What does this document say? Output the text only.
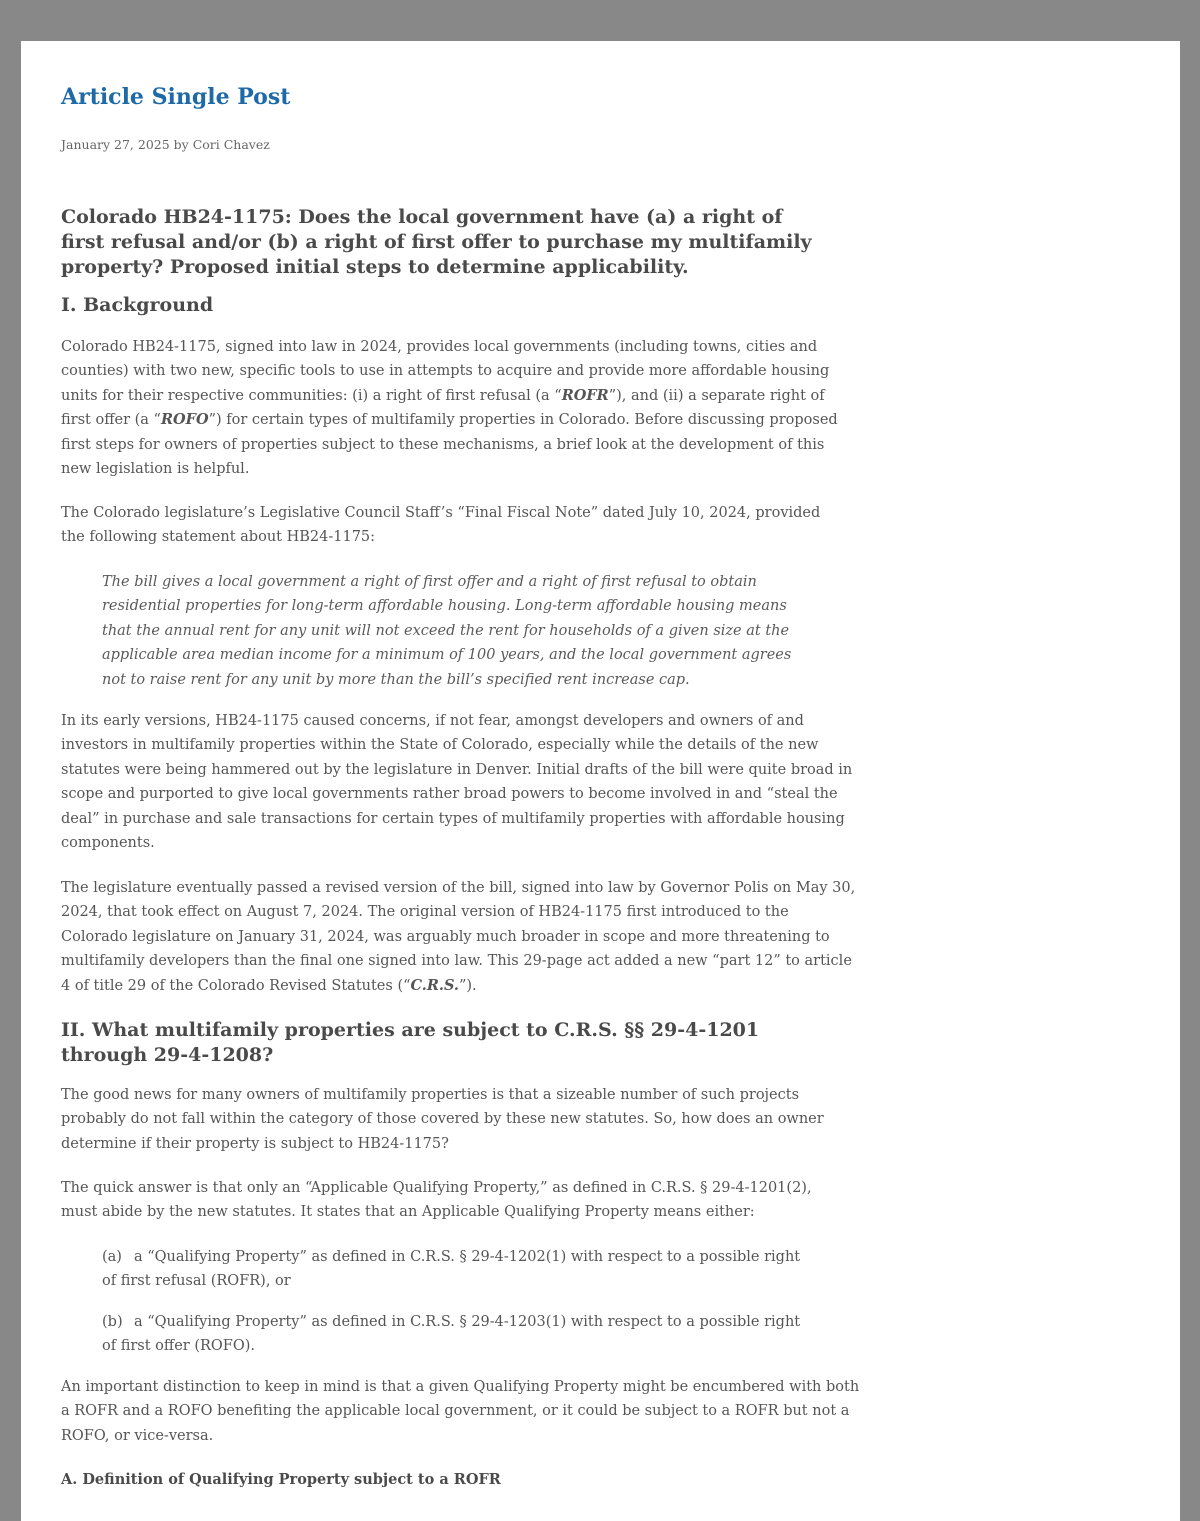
Article Single Post
January 27, 2025 by Cori Chavez
Colorado HB24-1175: Does the local government have (a) a right of first refusal and/or (b) a right of first offer to purchase my multifamily property? Proposed initial steps to determine applicability.
I. Background

Colorado HB24-1175, signed into law in 2024, provides local governments (including towns, cities and counties) with two new, specific tools to use in attempts to acquire and provide more affordable housing units for their respective communities: (i) a right of first refusal (a “ROFR”), and (ii) a separate right of first offer (a “ROFO”) for certain types of multifamily properties in Colorado. Before discussing proposed first steps for owners of properties subject to these mechanisms, a brief look at the development of this new legislation is helpful.

The Colorado legislature’s Legislative Council Staff’s “Final Fiscal Note” dated July 10, 2024, provided the following statement about HB24-1175:

The bill gives a local government a right of first offer and a right of first refusal to obtain residential properties for long-term affordable housing. Long-term affordable housing means that the annual rent for any unit will not exceed the rent for households of a given size at the applicable area median income for a minimum of 100 years, and the local government agrees not to raise rent for any unit by more than the bill’s specified rent increase cap.

In its early versions, HB24-1175 caused concerns, if not fear, amongst developers and owners of and investors in multifamily properties within the State of Colorado, especially while the details of the new statutes were being hammered out by the legislature in Denver. Initial drafts of the bill were quite broad in scope and purported to give local governments rather broad powers to become involved in and “steal the deal” in purchase and sale transactions for certain types of multifamily properties with affordable housing components.

The legislature eventually passed a revised version of the bill, signed into law by Governor Polis on May 30, 2024, that took effect on August 7, 2024. The original version of HB24-1175 first introduced to the Colorado legislature on January 31, 2024, was arguably much broader in scope and more threatening to multifamily developers than the final one signed into law. This 29-page act added a new “part 12” to article 4 of title 29 of the Colorado Revised Statutes (“C.R.S.”).

II. What multifamily properties are subject to C.R.S. §§ 29-4-1201 through 29-4-1208?

The good news for many owners of multifamily properties is that a sizeable number of such projects probably do not fall within the category of those covered by these new statutes. So, how does an owner determine if their property is subject to HB24-1175?

The quick answer is that only an “Applicable Qualifying Property,” as defined in C.R.S. § 29-4-1201(2), must abide by the new statutes. It states that an Applicable Qualifying Property means either:

(a) a “Qualifying Property” as defined in C.R.S. § 29-4-1202(1) with respect to a possible right of first refusal (ROFR), or

(b) a “Qualifying Property” as defined in C.R.S. § 29-4-1203(1) with respect to a possible right of first offer (ROFO).

An important distinction to keep in mind is that a given Qualifying Property might be encumbered with both a ROFR and a ROFO benefiting the applicable local government, or it could be subject to a ROFR but not a ROFO, or vice-versa.

A. Definition of Qualifying Property subject to a ROFR
